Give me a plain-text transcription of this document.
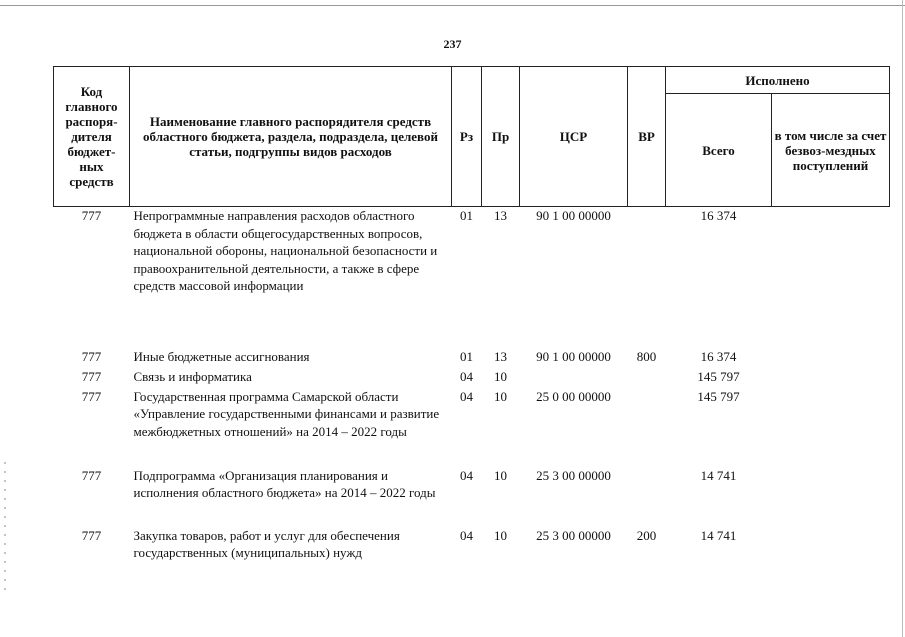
237
Код главного распоря-дителя бюджет-ных средств	Наименование главного распорядителя средств областного бюджета, раздела, подраздела, целевой статьи, подгруппы видов расходов	Рз	Пр	ЦСР	ВР	Исполнено	
						Всего	в том числе за счет безвоз-мездных поступлений
777	Непрограммные направления расходов областного бюджета в области общегосударственных вопросов, национальной обороны, национальной безопасности и правоохранительной деятельности, а также в сфере средств массовой информации	01	13	90 1 00 00000		16 374	
777	Иные бюджетные ассигнования	01	13	90 1 00 00000	800	16 374	
777	Связь и информатика	04	10			145 797	
777	Государственная программа Самарской области «Управление государственными финансами и развитие межбюджетных отношений» на 2014 – 2022 годы	04	10	25 0 00 00000		145 797	
777	Подпрограмма «Организация планирования и исполнения областного бюджета» на 2014 – 2022 годы	04	10	25 3 00 00000		14 741	
777	Закупка товаров, работ и услуг для обеспечения государственных (муниципальных) нужд	04	10	25 3 00 00000	200	14 741	
